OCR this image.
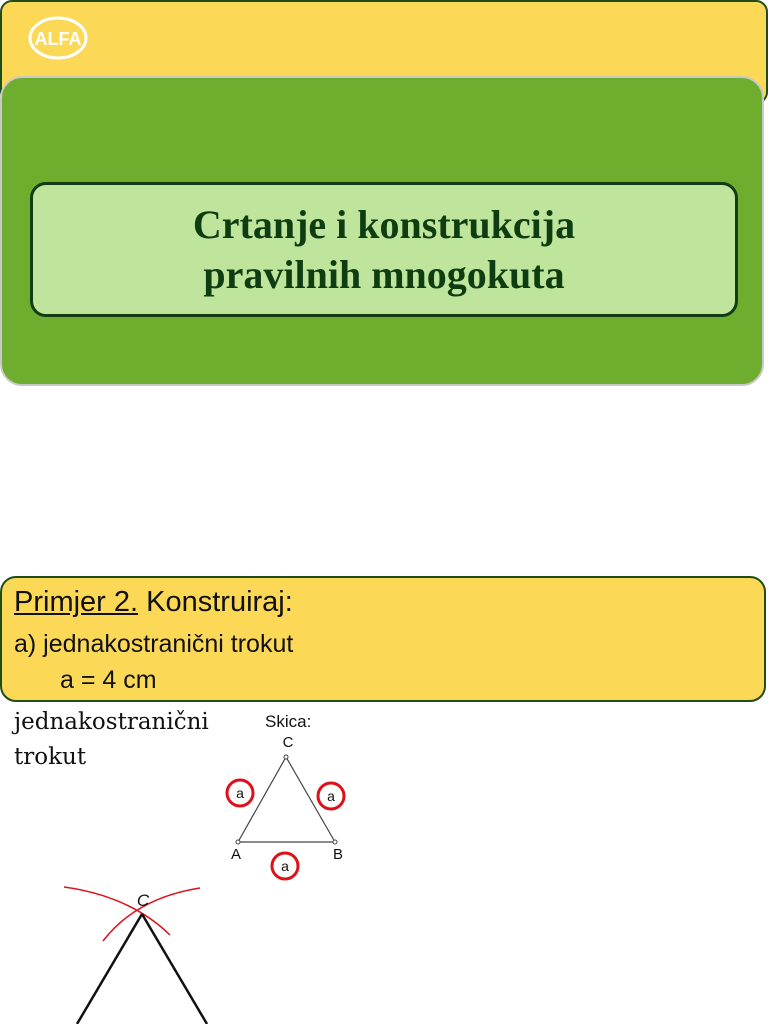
ALFA
Crtanje i konstrukcija
pravilnih mnogokuta
Primjer 2. Konstruiraj:
a) jednakostranični trokut
a = 4 cm
jednakostranični trokut
Skica:
A	B
C
a	a
a
C
